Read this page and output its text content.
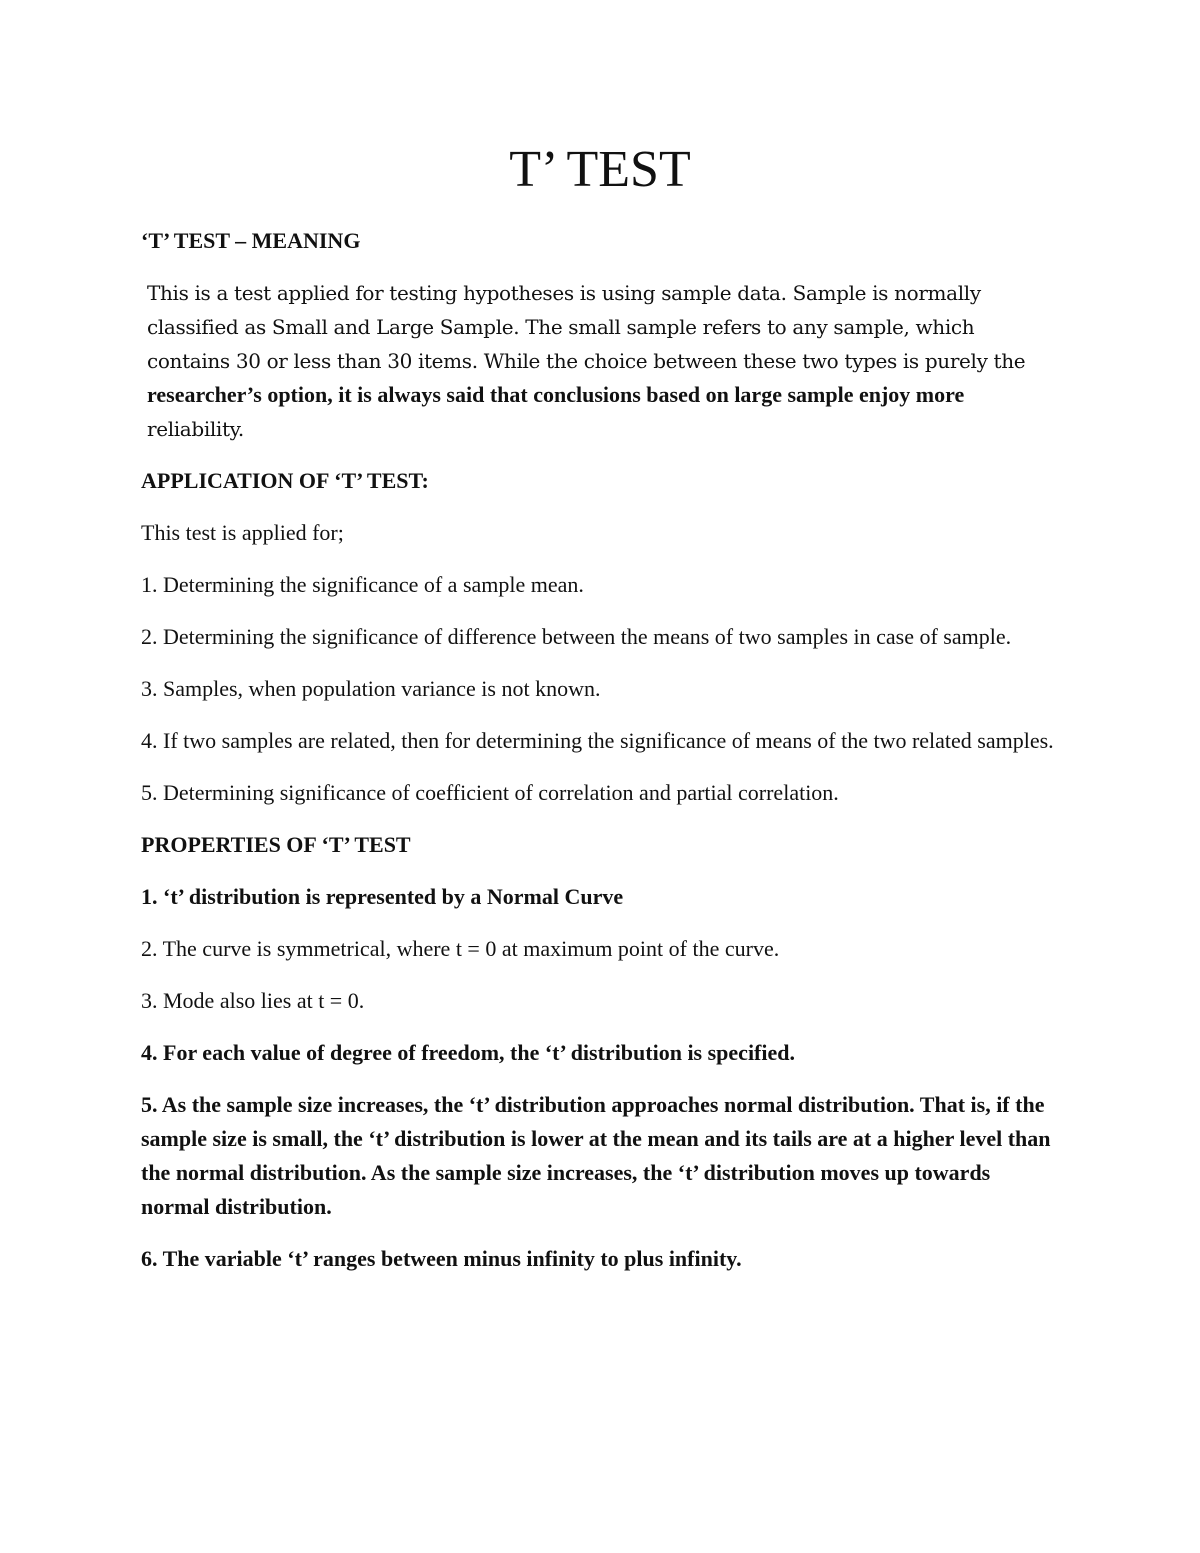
T’ TEST

‘T’ TEST – MEANING

This is a test applied for testing hypotheses is using sample data. Sample is normally classified as Small and Large Sample. The small sample refers to any sample, which contains 30 or less than 30 items. While the choice between these two types is purely the researcher’s option, it is always said that conclusions based on large sample enjoy more reliability.

APPLICATION OF ‘T’ TEST:

This test is applied for;

1. Determining the significance of a sample mean.

2. Determining the significance of difference between the means of two samples in case of sample.

3. Samples, when population variance is not known.

4. If two samples are related, then for determining the significance of means of the two related samples.

5. Determining significance of coefficient of correlation and partial correlation.

PROPERTIES OF ‘T’ TEST

1. ‘t’ distribution is represented by a Normal Curve

2. The curve is symmetrical, where t = 0 at maximum point of the curve.

3. Mode also lies at t = 0.

4. For each value of degree of freedom, the ‘t’ distribution is specified.

5. As the sample size increases, the ‘t’ distribution approaches normal distribution. That is, if the sample size is small, the ‘t’ distribution is lower at the mean and its tails are at a higher level than the normal distribution. As the sample size increases, the ‘t’ distribution moves up towards normal distribution.

6. The variable ‘t’ ranges between minus infinity to plus infinity.
